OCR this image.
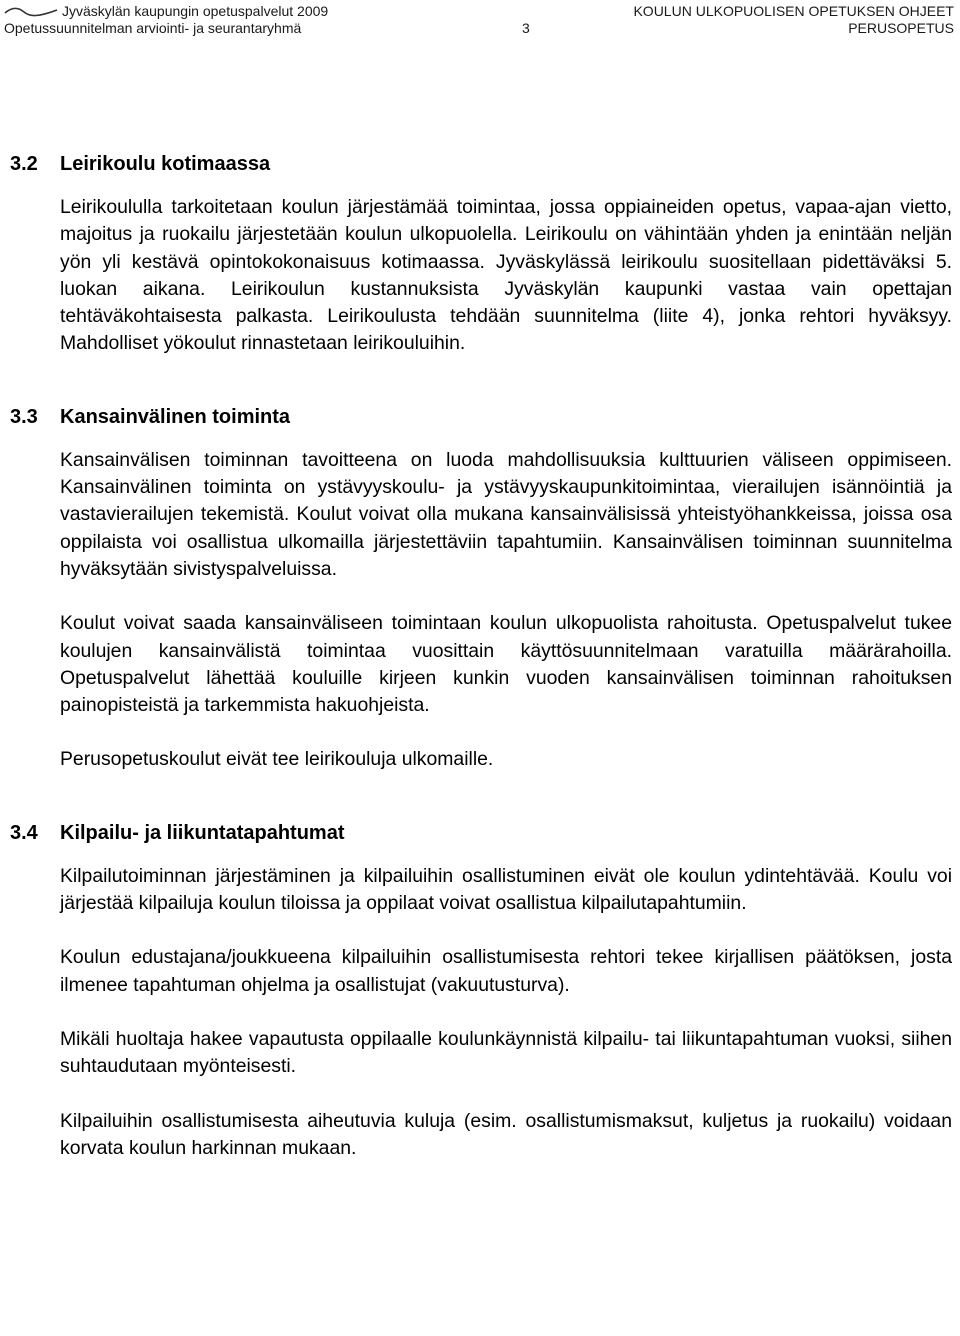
Jyväskylän kaupungin opetuspalvelut 2009
Opetussuunnitelman arviointi- ja seurantaryhmä	3
KOULUN ULKOPUOLISEN OPETUKSEN OHJEET
PERUSOPETUS
3.2	Leirikoulu kotimaassa
Leirikoululla tarkoitetaan koulun järjestämää toimintaa, jossa oppiaineiden opetus, vapaa-ajan vietto, majoitus ja ruokailu järjestetään koulun ulkopuolella. Leirikoulu on vähintään yhden ja enintään neljän yön yli kestävä opintokokonaisuus kotimaassa. Jyväskylässä leirikoulu suositellaan pidettäväksi 5. luokan aikana. Leirikoulun kustannuksista Jyväskylän kaupunki vastaa vain opettajan tehtäväkohtaisesta palkasta. Leirikoulusta tehdään suunnitelma (liite 4), jonka rehtori hyväksyy. Mahdolliset yökoulut rinnastetaan leirikouluihin.
3.3	Kansainvälinen toiminta
Kansainvälisen toiminnan tavoitteena on luoda mahdollisuuksia kulttuurien väliseen oppimiseen. Kansainvälinen toiminta on ystävyyskoulu- ja ystävyyskaupunkitoimintaa, vierailujen isännöintiä ja vastavierailujen tekemistä. Koulut voivat olla mukana kansainvälisissä yhteistyöhankkeissa, joissa osa oppilaista voi osallistua ulkomailla järjestettäviin tapahtumiin. Kansainvälisen toiminnan suunnitelma hyväksytään sivistyspalveluissa.
Koulut voivat saada kansainväliseen toimintaan koulun ulkopuolista rahoitusta. Opetuspalvelut tukee koulujen kansainvälistä toimintaa vuosittain käyttösuunnitelmaan varatuilla määrärahoilla. Opetuspalvelut lähettää kouluille kirjeen kunkin vuoden kansainvälisen toiminnan rahoituksen painopisteistä ja tarkemmista hakuohjeista.
Perusopetuskoulut eivät tee leirikouluja ulkomaille.
3.4	Kilpailu- ja liikuntatapahtumat
Kilpailutoiminnan järjestäminen ja kilpailuihin osallistuminen eivät ole koulun ydintehtävää. Koulu voi järjestää kilpailuja koulun tiloissa ja oppilaat voivat osallistua kilpailutapahtumiin.
Koulun edustajana/joukkueena kilpailuihin osallistumisesta rehtori tekee kirjallisen päätöksen, josta ilmenee tapahtuman ohjelma ja osallistujat (vakuutusturva).
Mikäli huoltaja hakee vapautusta oppilaalle koulunkäynnistä kilpailu- tai liikuntapahtuman vuoksi, siihen suhtaudutaan myönteisesti.
Kilpailuihin osallistumisesta aiheutuvia kuluja (esim. osallistumismaksut, kuljetus ja ruokailu) voidaan korvata koulun harkinnan mukaan.
